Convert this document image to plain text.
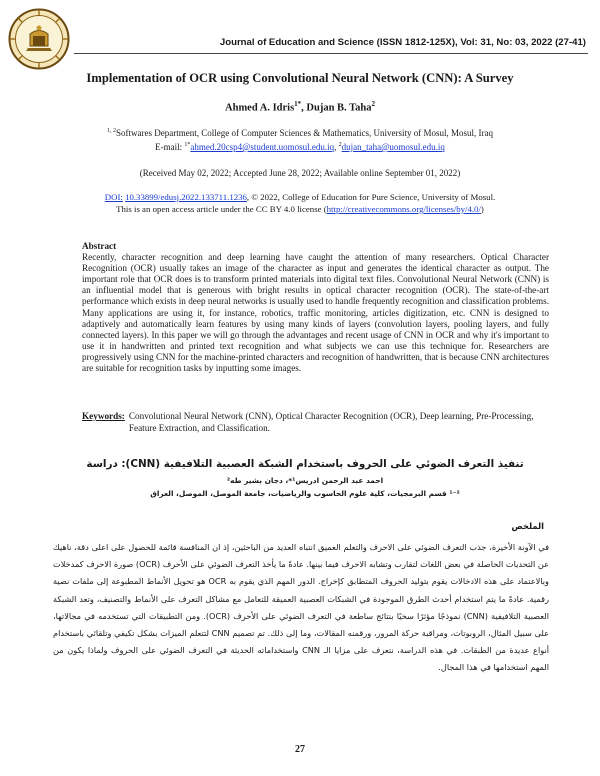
Journal of Education and Science (ISSN 1812-125X), Vol: 31, No: 03, 2022 (27-41)
Implementation of OCR using Convolutional Neural Network (CNN): A Survey
Ahmed A. Idris$^{1*}$, Dujan B. Taha$^2$
$^{1, 2}$Softwares Department, College of Computer Sciences & Mathematics, University of Mosul, Mosul, Iraq
E-mail: $^{1*}$ahmed.20csp4@student.uomosul.edu.iq, $^2$dujan_taha@uomosul.edu.iq
(Received May 02, 2022; Accepted June 28, 2022; Available online September 01, 2022)
DOI: 10.33899/edusj.2022.133711.1236, © 2022, College of Education for Pure Science, University of Mosul.
This is an open access article under the CC BY 4.0 license (http://creativecommons.org/licenses/by/4.0/)
Abstract
Recently, character recognition and deep learning have caught the attention of many researchers. Optical Character Recognition (OCR) usually takes an image of the character as input and generates the identical character as output. The important role that OCR does is to transform printed materials into digital text files. Convolutional Neural Network (CNN) is an influential model that is generous with bright results in optical character recognition (OCR). The state-of-the-art performance which exists in deep neural networks is usually used to handle frequently recognition and classification problems. Many applications are using it, for instance, robotics, traffic monitoring, articles digitization, etc. CNN is designed to adaptively and automatically learn features by using many kinds of layers (convolution layers, pooling layers, and fully connected layers). In this paper we will go through the advantages and recent usage of CNN in OCR and why it's important to use it in handwritten and printed text recognition and what subjects we can use this technique for. Researchers are progressively using CNN for the machine-printed characters and recognition of handwritten, that is because CNN architectures are suitable for recognition tasks by inputting some images.
Keywords: Convolutional Neural Network (CNN), Optical Character Recognition (OCR), Deep learning, Pre-Processing, Feature Extraction, and Classification.
تنفيذ التعرف الضوئي على الحروف باستخدام الشبكة العصبية التلافيفية (CNN): دراسة
احمد عبد الرحمن ادريس¹*، دجان بشير طه²
¹⁻² قسم البرمجيات، كلية علوم الحاسوب والرياضيات، جامعة الموصل، الموصل، العراق
الملخص
في الآونة الأخيرة، جذب التعرف الضوئي على الاحرف والتعلم العميق انتباه العديد من الباحثين، إذ ان المنافسة قائمة للحصول على اعلى دقة، ناهيك عن التحديات الحاصلة في بعض اللغات لتقارب وتشابه الاحرف فيما بينها. عادةً ما يأخذ التعرف الضوئي على الأحرف (OCR) صورة الاحرف كمدخلات وبالاعتماد على هذه الادخالات يقوم بتوليد الحروف المتطابق كإخراج. الدور المهم الذي يقوم به OCR هو تحويل الأنماط المطبوعة إلى ملفات نصية رقمية. عادةً ما يتم استخدام أحدث الطرق الموجودة في الشبكات العصبية العميقة للتعامل مع مشاكل التعرف على الأنماط والتصنيف، وتعد الشبكة العصبية التلافيفية (CNN) نموذجًا مؤثرًا سخيًا بنتائج ساطعة في التعرف الضوئي على الأحرف (OCR). ومن التطبيقات التي تستخدمه في مجالاتها، على سبيل المثال، الروبوتات، ومراقبة حركة المرور، ورقمنه المقالات، وما إلى ذلك. تم تصميم CNN لتتعلم الميزات بشكل تكيفي وتلقائي باستخدام أنواع عديدة من الطبقات. في هذه الدراسة، نتعرف على مزايا الـ CNN واستخداماته الحديثة في التعرف الضوئي على الحروف ولماذا يكون من المهم استخدامها في هذا المجال.
27
